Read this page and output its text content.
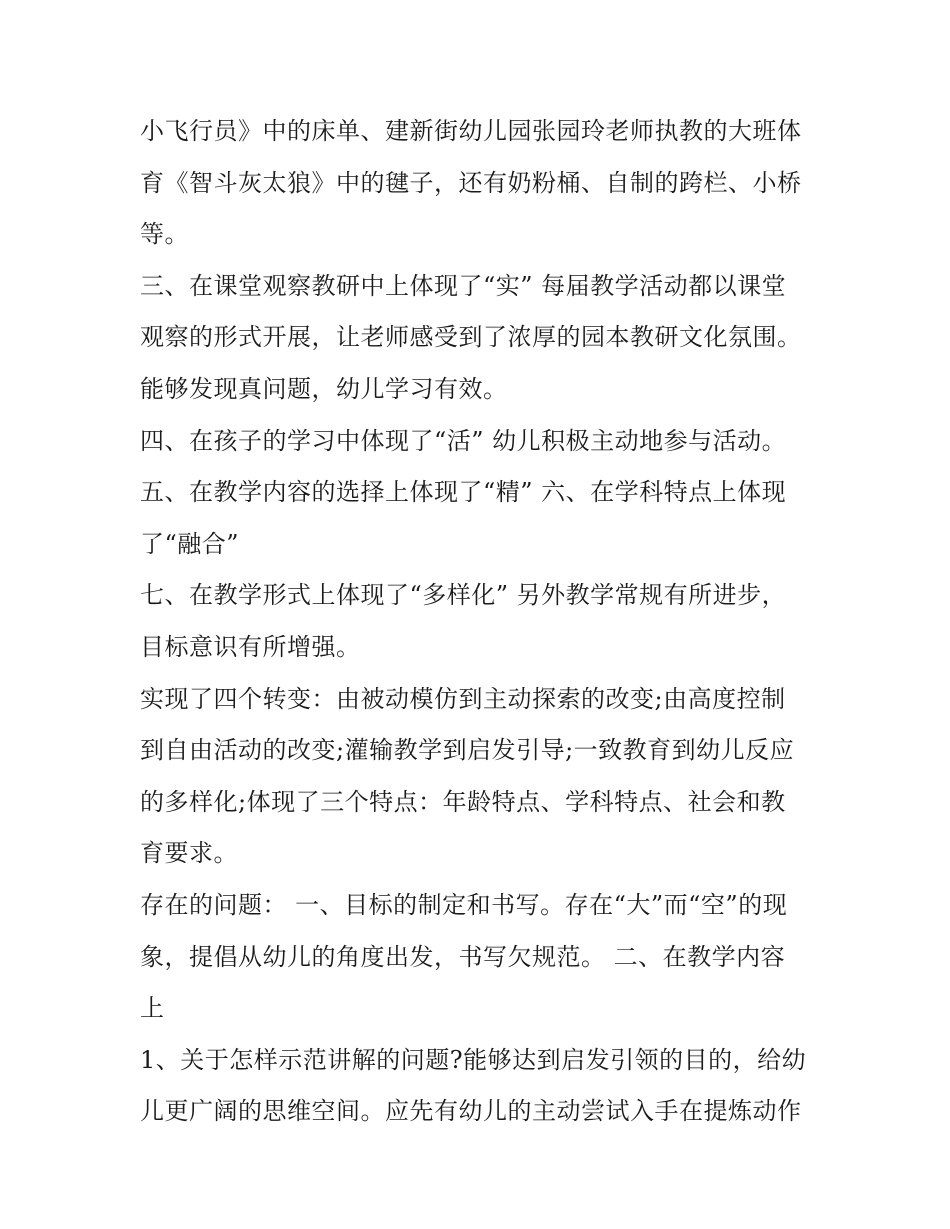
小飞行员》中的床单、建新街幼儿园张园玲老师执教的大班体
育《智斗灰太狼》中的毽子，还有奶粉桶、自制的跨栏、小桥
等。
三、在课堂观察教研中上体现了“实” 每届教学活动都以课堂
观察的形式开展，让老师感受到了浓厚的园本教研文化氛围。
能够发现真问题，幼儿学习有效。
四、在孩子的学习中体现了“活” 幼儿积极主动地参与活动。
五、在教学内容的选择上体现了“精” 六、在学科特点上体现
了“融合”
七、在教学形式上体现了“多样化” 另外教学常规有所进步，
目标意识有所增强。
实现了四个转变：由被动模仿到主动探索的改变;由高度控制
到自由活动的改变;灌输教学到启发引导;一致教育到幼儿反应
的多样化;体现了三个特点：年龄特点、学科特点、社会和教
育要求。
存在的问题： 一、目标的制定和书写。存在“大”而“空”的现
象，提倡从幼儿的角度出发，书写欠规范。 二、在教学内容
上
1、关于怎样示范讲解的问题?能够达到启发引领的目的，给幼
儿更广阔的思维空间。应先有幼儿的主动尝试入手在提炼动作
